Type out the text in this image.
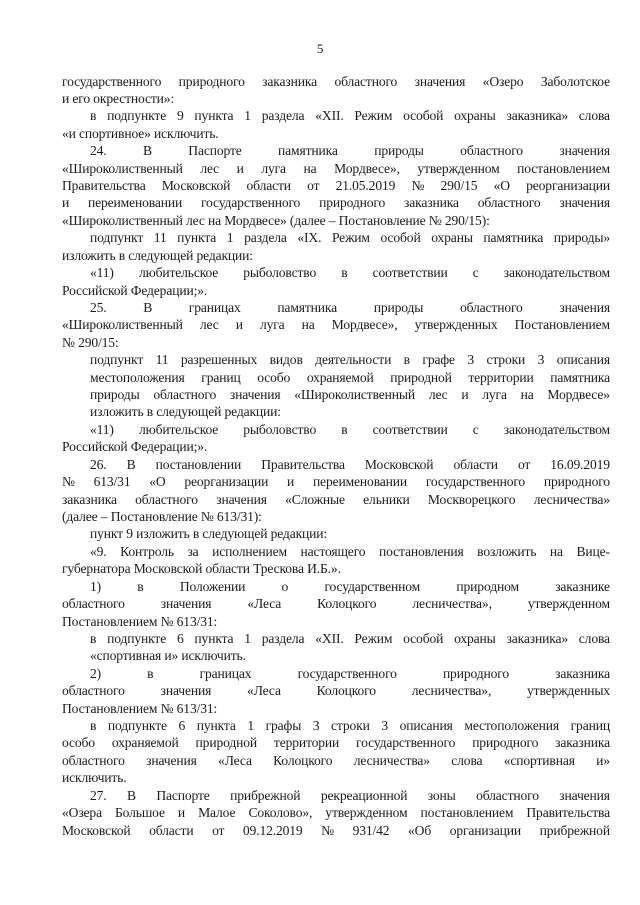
5
государственного природного заказника областного значения «Озеро Заболотское
и его окрестности»:
в подпункте 9 пункта 1 раздела «XII. Режим особой охраны заказника» слова
«и спортивное» исключить.
24.	В	Паспорте	памятника	природы	областного	значения
«Широколиственный лес и луга на Мордвесе», утвержденном постановлением
Правительства Московской области от 21.05.2019 № 290/15 «О реорганизации
и переименовании государственного природного заказника областного значения
«Широколиственный лес на Мордвесе» (далее – Постановление № 290/15):
подпункт 11 пункта 1 раздела «IX. Режим особой охраны памятника природы»
изложить в следующей редакции:
«11) любительское рыболовство в соответствии с законодательством
Российской Федерации;».
25.	В	границах	памятника	природы	областного	значения
«Широколиственный лес и луга на Мордвесе», утвержденных Постановлением
№ 290/15:
подпункт 11 разрешенных видов деятельности в графе 3 строки 3 описания
местоположения границ особо охраняемой природной территории памятника
природы областного значения «Широколиственный лес и луга на Мордвесе»
изложить в следующей редакции:
«11) любительское рыболовство в соответствии с законодательством
Российской Федерации;».
26. В постановлении Правительства Московской области от 16.09.2019
№ 613/31 «О реорганизации и переименовании государственного природного
заказника областного значения «Сложные ельники Москворецкого лесничества»
(далее – Постановление № 613/31):
пункт 9 изложить в следующей редакции:
«9. Контроль за исполнением настоящего постановления возложить на Вице-
губернатора Московской области Трескова И.Б.».
1)	в	Положении	о	государственном	природном	заказнике
областного	значения	«Леса	Колоцкого	лесничества»,	утвержденном
Постановлением № 613/31:
в подпункте 6 пункта 1 раздела «XII. Режим особой охраны заказника» слова
«спортивная и» исключить.
2)	в	границах	государственного	природного	заказника
областного	значения	«Леса	Колоцкого	лесничества»,	утвержденных
Постановлением № 613/31:
в подпункте 6 пункта 1 графы 3 строки 3 описания местоположения границ
особо охраняемой природной территории государственного природного заказника
областного значения «Леса Колоцкого лесничества» слова «спортивная и»
исключить.
27. В Паспорте прибрежной рекреационной зоны областного значения
«Озера Большое и Малое Соколово», утвержденном постановлением Правительства
Московской области от 09.12.2019 № 931/42 «Об организации прибрежной
